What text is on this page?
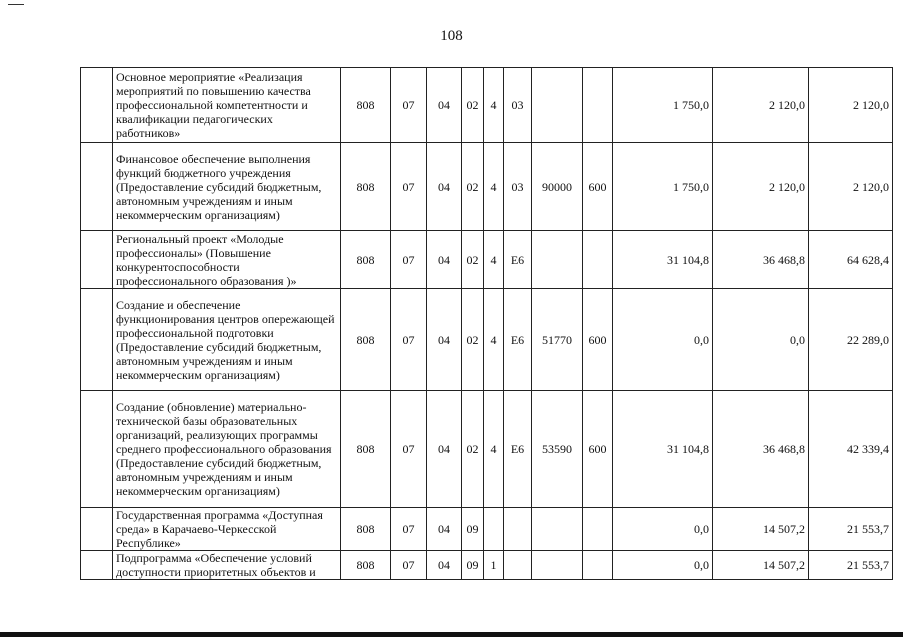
108
	Основное мероприятие «Реализация мероприятий по повышению качества профессиональной компетентности и квалификации педагогических работников»	808	07	04	02	4	03			1 750,0	2 120,0	2 120,0
	Финансовое обеспечение выполнения функций бюджетного учреждения (Предоставление субсидий бюджетным, автономным учреждениям и иным некоммерческим организациям)	808	07	04	02	4	03	90000	600	1 750,0	2 120,0	2 120,0
	Региональный проект «Молодые профессионалы» (Повышение конкурентоспособности профессионального образования )»	808	07	04	02	4	Е6			31 104,8	36 468,8	64 628,4
	Создание и обеспечение функционирования центров опережающей профессиональной подготовки (Предоставление субсидий бюджетным, автономным учреждениям и иным некоммерческим организациям)	808	07	04	02	4	Е6	51770	600	0,0	0,0	22 289,0
	Создание (обновление) материально-технической базы образовательных организаций, реализующих программы среднего профессионального образования (Предоставление субсидий бюджетным, автономным учреждениям и иным некоммерческим организациям)	808	07	04	02	4	Е6	53590	600	31 104,8	36 468,8	42 339,4
	Государственная программа «Доступная среда» в Карачаево-Черкесской Республике»	808	07	04	09					0,0	14 507,2	21 553,7
	Подпрограмма «Обеспечение условий доступности приоритетных объектов и	808	07	04	09	1				0,0	14 507,2	21 553,7
